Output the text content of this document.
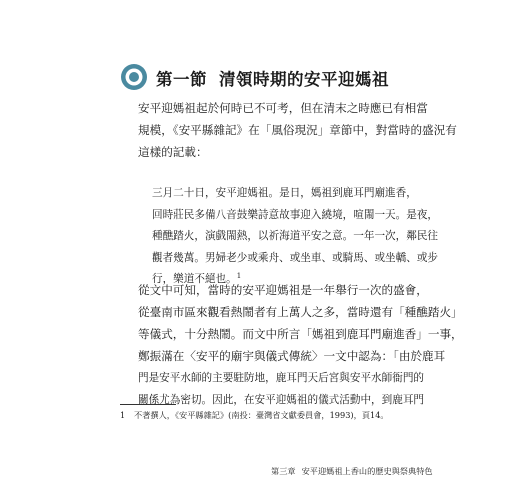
第一節 清領時期的安平迎媽祖

安平迎媽祖起於何時已不可考，但在清末之時應已有相當
規模，《安平縣雜記》在「風俗現況」章節中，對當時的盛況有
這樣的記載：

三月二十日，安平迎媽祖。是日，媽祖到鹿耳門廟進香，
回時莊民多備八音鼓樂詩意故事迎入繞境，喧閙一天。是夜，
種醮踏火，演戲閙熱，以祈海道平安之意。一年一次，鄰民往
觀者幾萬。男婦老少或乘舟、或坐車、或騎馬、或坐轎、或步
行，樂道不絕也。$^1$

從文中可知，當時的安平迎媽祖是一年舉行一次的盛會，
從臺南市區來觀看熱鬧者有上萬人之多，當時還有「種醮踏火」
等儀式，十分熱鬧。而文中所言「媽祖到鹿耳門廟進香」一事，
鄭振滿在〈安平的廟宇與儀式傳統〉一文中認為：「由於鹿耳
門是安平水師的主要駐防地，鹿耳門天后宮與安平水師衙門的
關係尤為密切。因此，在安平迎媽祖的儀式活動中，到鹿耳門

1 不著撰人，《安平縣雜記》(南投：臺灣省文獻委員會，1993)，頁14。
第三章 安平迎媽祖上香山的歷史與祭典特色
